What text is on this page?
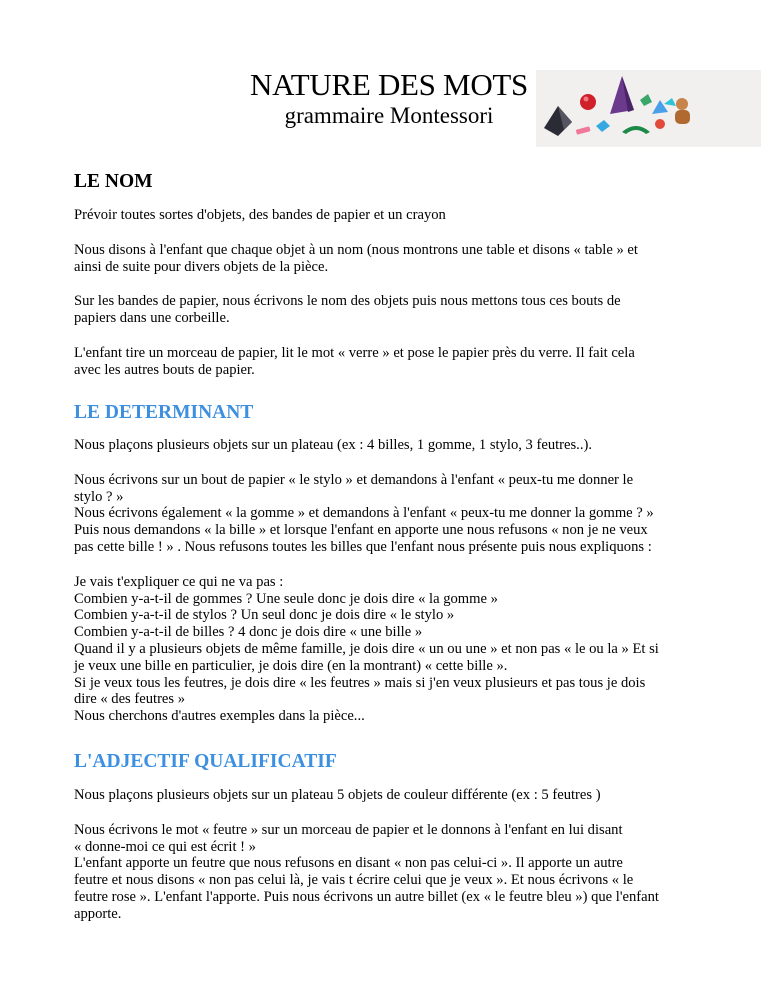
NATURE DES MOTS
grammaire Montessori
LE NOM

Prévoir toutes sortes d'objets, des bandes de papier et un crayon

Nous disons à l'enfant que chaque objet à un nom (nous montrons une table et disons « table » et
ainsi de suite pour divers objets de la pièce.

Sur les bandes de papier, nous écrivons le nom des objets puis nous mettons tous ces bouts de
papiers dans une corbeille.

L'enfant tire un morceau de papier, lit le mot « verre » et pose le papier près du verre. Il fait cela
avec les autres bouts de papier.

LE DETERMINANT

Nous plaçons plusieurs objets sur un plateau (ex : 4 billes, 1 gomme, 1 stylo, 3 feutres..).

Nous écrivons sur un bout de papier « le stylo » et demandons à l'enfant « peux-tu me donner le
stylo ? »
Nous écrivons également « la gomme » et demandons à l'enfant « peux-tu me donner la gomme ? »
Puis nous demandons « la bille » et lorsque l'enfant en apporte une nous refusons « non je ne veux
pas cette bille ! » . Nous refusons toutes les billes que l'enfant nous présente puis nous expliquons :

Je vais t'expliquer ce qui ne va pas :
Combien y-a-t-il de gommes ? Une seule donc je dois dire « la gomme »
Combien y-a-t-il de stylos ? Un seul donc je dois dire « le stylo »
Combien y-a-t-il de billes ? 4 donc je dois dire « une bille »
Quand il y a plusieurs objets de même famille, je dois dire « un ou une » et non pas « le ou la » Et si
je veux une bille en particulier, je dois dire (en la montrant) « cette bille ».
Si je veux tous les feutres, je dois dire « les feutres » mais si j'en veux plusieurs et pas tous je dois
dire « des feutres »
Nous cherchons d'autres exemples dans la pièce...

L'ADJECTIF QUALIFICATIF

Nous plaçons plusieurs objets sur un plateau 5 objets de couleur différente (ex : 5 feutres )

Nous écrivons le mot « feutre » sur un morceau de papier et le donnons à l'enfant en lui disant
« donne-moi ce qui est écrit ! »
L'enfant apporte un feutre que nous refusons en disant « non pas celui-ci ». Il apporte un autre
feutre et nous disons « non pas celui là, je vais t écrire celui que je veux ». Et nous écrivons « le
feutre rose ». L'enfant l'apporte. Puis nous écrivons un autre billet (ex « le feutre bleu ») que l'enfant
apporte.
